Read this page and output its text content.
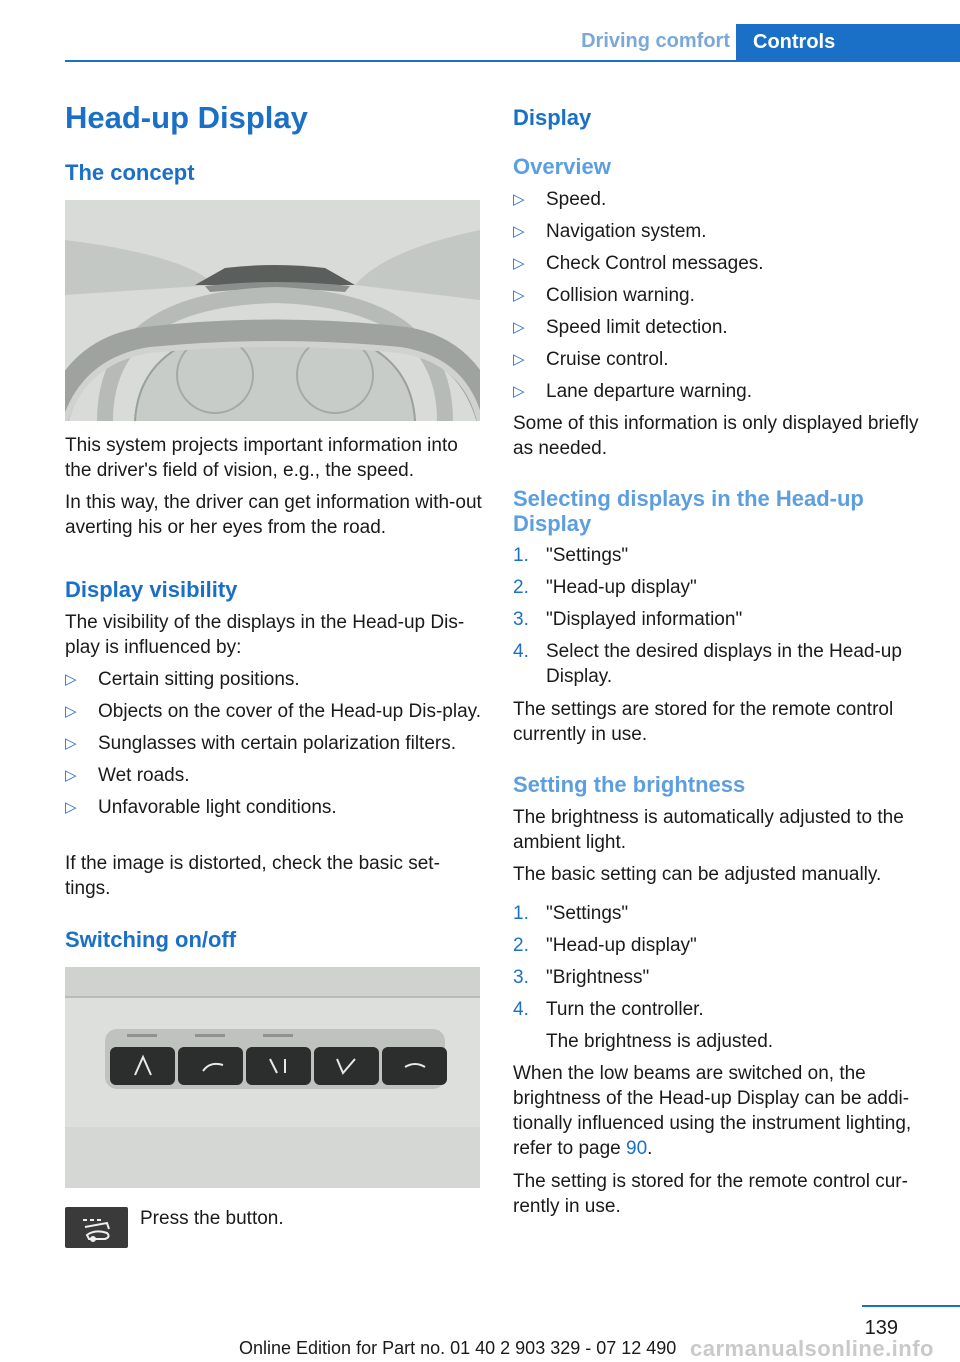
Driving comfort Controls
Head-up Display
The concept

This system projects important information into the driver's field of vision, e.g., the speed.

In this way, the driver can get information with‐out averting his or her eyes from the road.

Display visibility

The visibility of the displays in the Head-up Dis‐play is influenced by:

▷ Certain sitting positions.
▷ Objects on the cover of the Head-up Dis‐play.
▷ Sunglasses with certain polarization filters.
▷ Wet roads.
▷ Unfavorable light conditions.

If the image is distorted, check the basic set‐tings.

Switching on/off

Press the button.

Display
Overview
▷ Speed.
▷ Navigation system.
▷ Check Control messages.
▷ Collision warning.
▷ Speed limit detection.
▷ Cruise control.
▷ Lane departure warning.

Some of this information is only displayed briefly as needed.

Selecting displays in the Head-up Display
1. "Settings"
2. "Head-up display"
3. "Displayed information"
4. Select the desired displays in the Head-up Display.

The settings are stored for the remote control currently in use.

Setting the brightness

The brightness is automatically adjusted to the ambient light.

The basic setting can be adjusted manually.

1. "Settings"
2. "Head-up display"
3. "Brightness"
4. Turn the controller.
The brightness is adjusted.

When the low beams are switched on, the brightness of the Head-up Display can be addi‐tionally influenced using the instrument lighting, refer to page 90.

The setting is stored for the remote control cur‐rently in use.

139
Online Edition for Part no. 01 40 2 903 329 - 07 12 490 carmanualsonline.info
